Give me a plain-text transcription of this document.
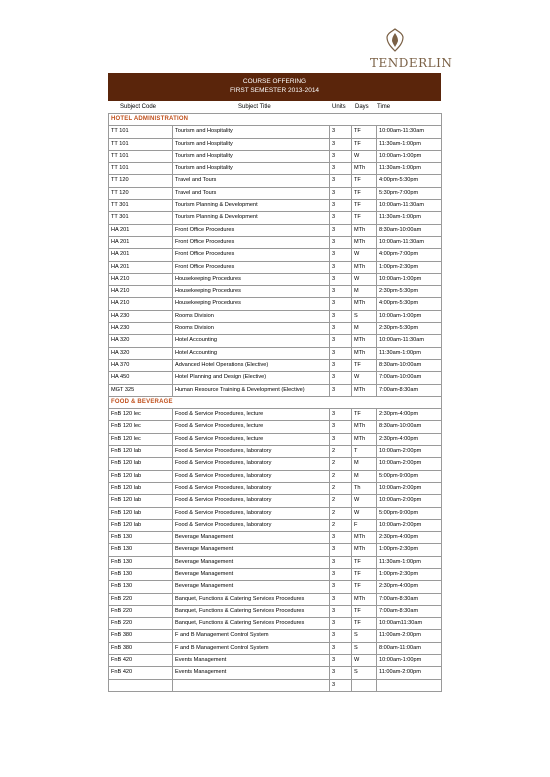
TENDERLIN
COURSE OFFERING
FIRST SEMESTER 2013-2014
Subject Code	Subject Title	Units Days Time
HOTEL ADMINISTRATION				
TT 101	Tourism and Hospitality	3	TF	10:00am-11:30am
TT 101	Tourism and Hospitality	3	TF	11:30am-1:00pm
TT 101	Tourism and Hospitality	3	W	10:00am-1:00pm
TT 101	Tourism and Hospitality	3	MTh	11:30am-1:00pm
TT 120	Travel and Tours	3	TF	4:00pm-5:30pm
TT 120	Travel and Tours	3	TF	5:30pm-7:00pm
TT 301	Tourism Planning & Development	3	TF	10:00am-11:30am
TT 301	Tourism Planning & Development	3	TF	11:30am-1:00pm
HA 201	Front Office Procedures	3	MTh	8:30am-10:00am
HA 201	Front Office Procedures	3	MTh	10:00am-11:30am
HA 201	Front Office Procedures	3	W	4:00pm-7:00pm
HA 201	Front Office Procedures	3	MTh	1:00pm-2:30pm
HA 210	Housekeeping Procedures	3	W	10:00am-1:00pm
HA 210	Housekeeping Procedures	3	M	2:30pm-5:30pm
HA 210	Housekeeping Procedures	3	MTh	4:00pm-5:30pm
HA 230	Rooms Division	3	S	10:00am-1:00pm
HA 230	Rooms Division	3	M	2:30pm-5:30pm
HA 320	Hotel Accounting	3	MTh	10:00am-11:30am
HA 320	Hotel Accounting	3	MTh	11:30am-1:00pm
HA 370	Advanced Hotel Operations (Elective)	3	TF	8:30am-10:00am
HA 450	Hotel Planning and Design (Elective)	3	W	7:00am-10:00am
MGT 325	Human Resource Training & Development (Elective)	3	MTh	7:00am-8:30am
FOOD & BEVERAGE				
FnB 120 lec	Food & Service Procedures, lecture	3	TF	2:30pm-4:00pm
FnB 120 lec	Food & Service Procedures, lecture	3	MTh	8:30am-10:00am
FnB 120 lec	Food & Service Procedures, lecture	3	MTh	2:30pm-4:00pm
FnB 120 lab	Food & Service Procedures, laboratory	2	T	10:00am-2:00pm
FnB 120 lab	Food & Service Procedures, laboratory	2	M	10:00am-2:00pm
FnB 120 lab	Food & Service Procedures, laboratory	2	M	5:00pm-9:00pm
FnB 120 lab	Food & Service Procedures, laboratory	2	Th	10:00am-2:00pm
FnB 120 lab	Food & Service Procedures, laboratory	2	W	10:00am-2:00pm
FnB 120 lab	Food & Service Procedures, laboratory	2	W	5:00pm-9:00pm
FnB 120 lab	Food & Service Procedures, laboratory	2	F	10:00am-2:00pm
FnB 130	Beverage Management	3	MTh	2:30pm-4:00pm
FnB 130	Beverage Management	3	MTh	1:00pm-2:30pm
FnB 130	Beverage Management	3	TF	11:30am-1:00pm
FnB 130	Beverage Management	3	TF	1:00pm-2:30pm
FnB 130	Beverage Management	3	TF	2:30pm-4:00pm
FnB 220	Banquet, Functions & Catering Services Procedures	3	MTh	7:00am-8:30am
FnB 220	Banquet, Functions & Catering Services Procedures	3	TF	7:00am-8:30am
FnB 220	Banquet, Functions & Catering Services Procedures	3	TF	10:00am11:30am
FnB 380	F and B Management Control System	3	S	11:00am-2:00pm
FnB 380	F and B Management Control System	3	S	8:00am-11:00am
FnB 420	Events Management	3	W	10:00am-1:00pm
FnB 420	Events Management	3	S	11:00am-2:00pm
		3		
